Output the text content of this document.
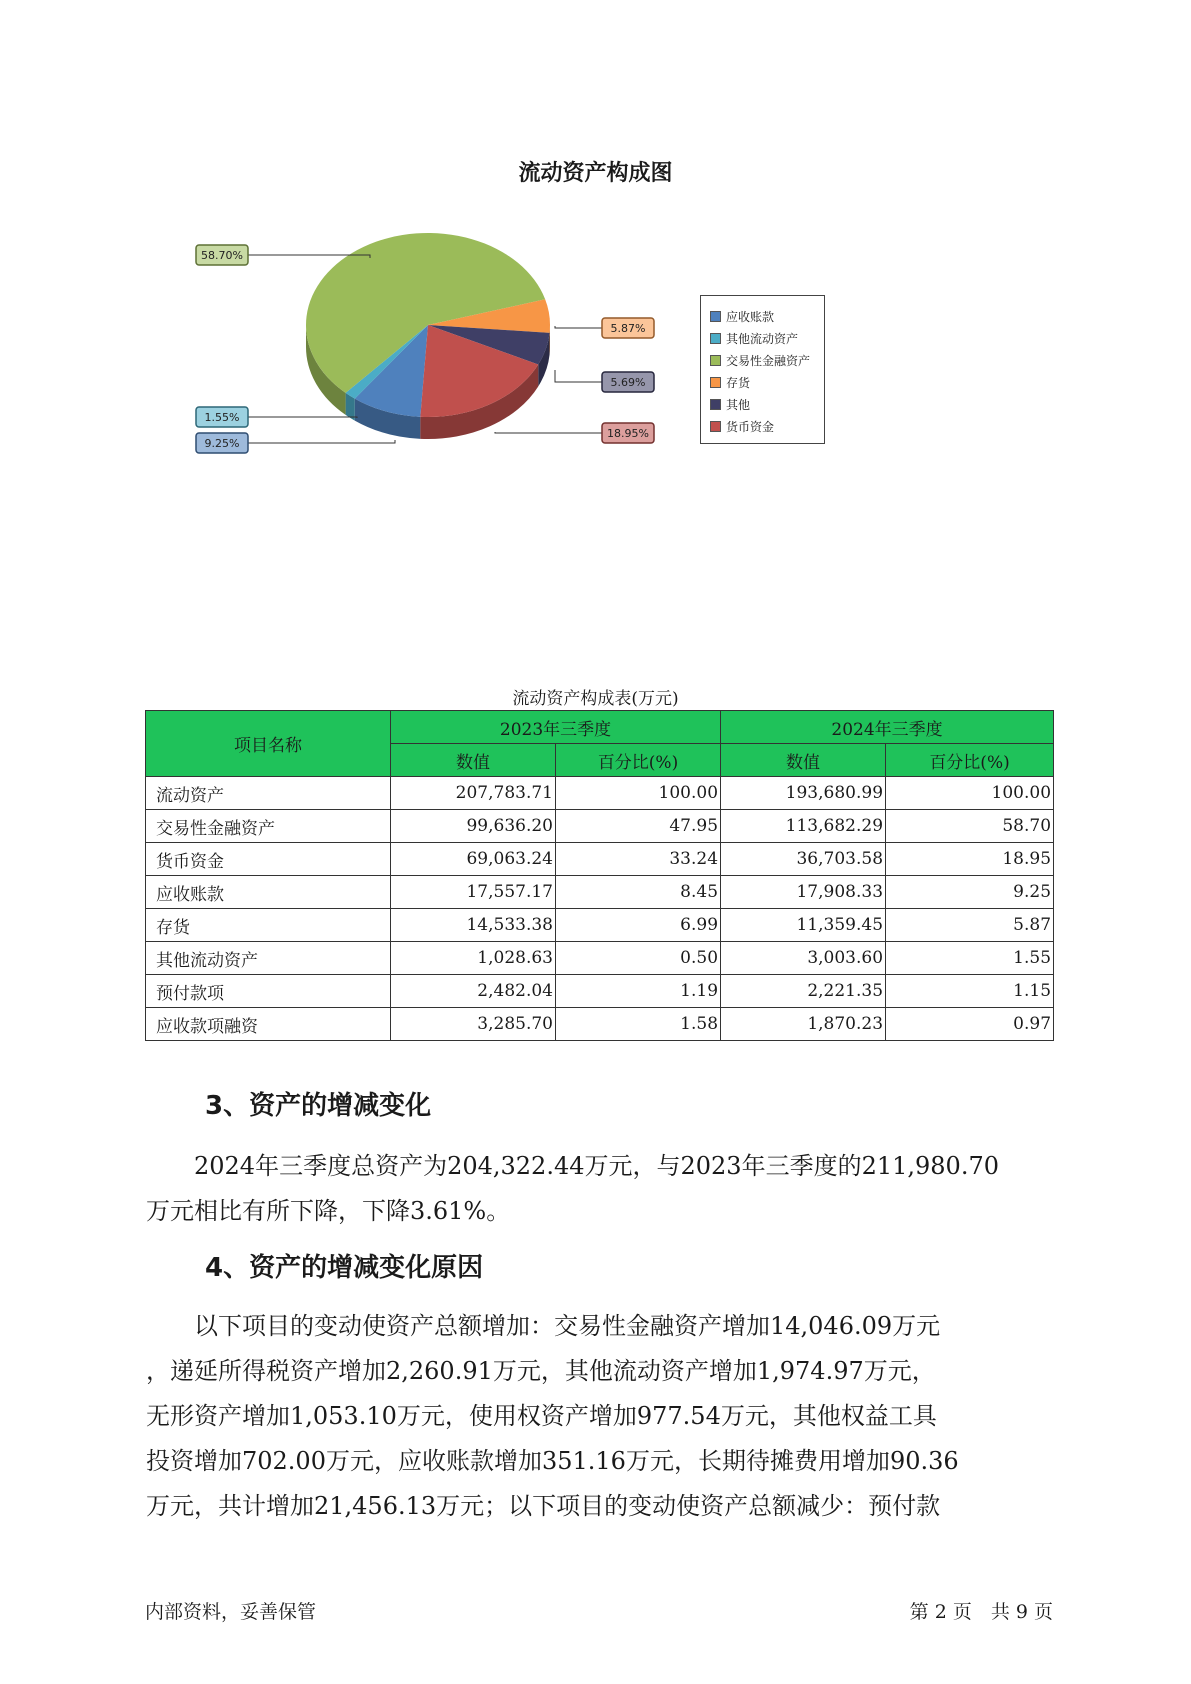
流动资产构成图
9.25%
1.55%
58.70%
5.87%
5.69%
18.95%
应收账款
其他流动资产
交易性金融资产
存货
其他
货币资金
流动资产构成表(万元)
项目名称	2023年三季度		2024年三季度	
	数值	百分比(%)	数值	百分比(%)
流动资产	207,783.71	100.00	193,680.99	100.00
交易性金融资产	99,636.20	47.95	113,682.29	58.70
货币资金	69,063.24	33.24	36,703.58	18.95
应收账款	17,557.17	8.45	17,908.33	9.25
存货	14,533.38	6.99	11,359.45	5.87
其他流动资产	1,028.63	0.50	3,003.60	1.55
预付款项	2,482.04	1.19	2,221.35	1.15
应收款项融资	3,285.70	1.58	1,870.23	0.97
3、资产的增减变化
　　2024年三季度总资产为204,322.44万元，与2023年三季度的211,980.70
万元相比有所下降，下降3.61%。
4、资产的增减变化原因
　　以下项目的变动使资产总额增加：交易性金融资产增加14,046.09万元
，递延所得税资产增加2,260.91万元，其他流动资产增加1,974.97万元，
无形资产增加1,053.10万元，使用权资产增加977.54万元，其他权益工具
投资增加702.00万元，应收账款增加351.16万元，长期待摊费用增加90.36
万元，共计增加21,456.13万元；以下项目的变动使资产总额减少：预付款
内部资料，妥善保管	第 2 页　共 9 页
